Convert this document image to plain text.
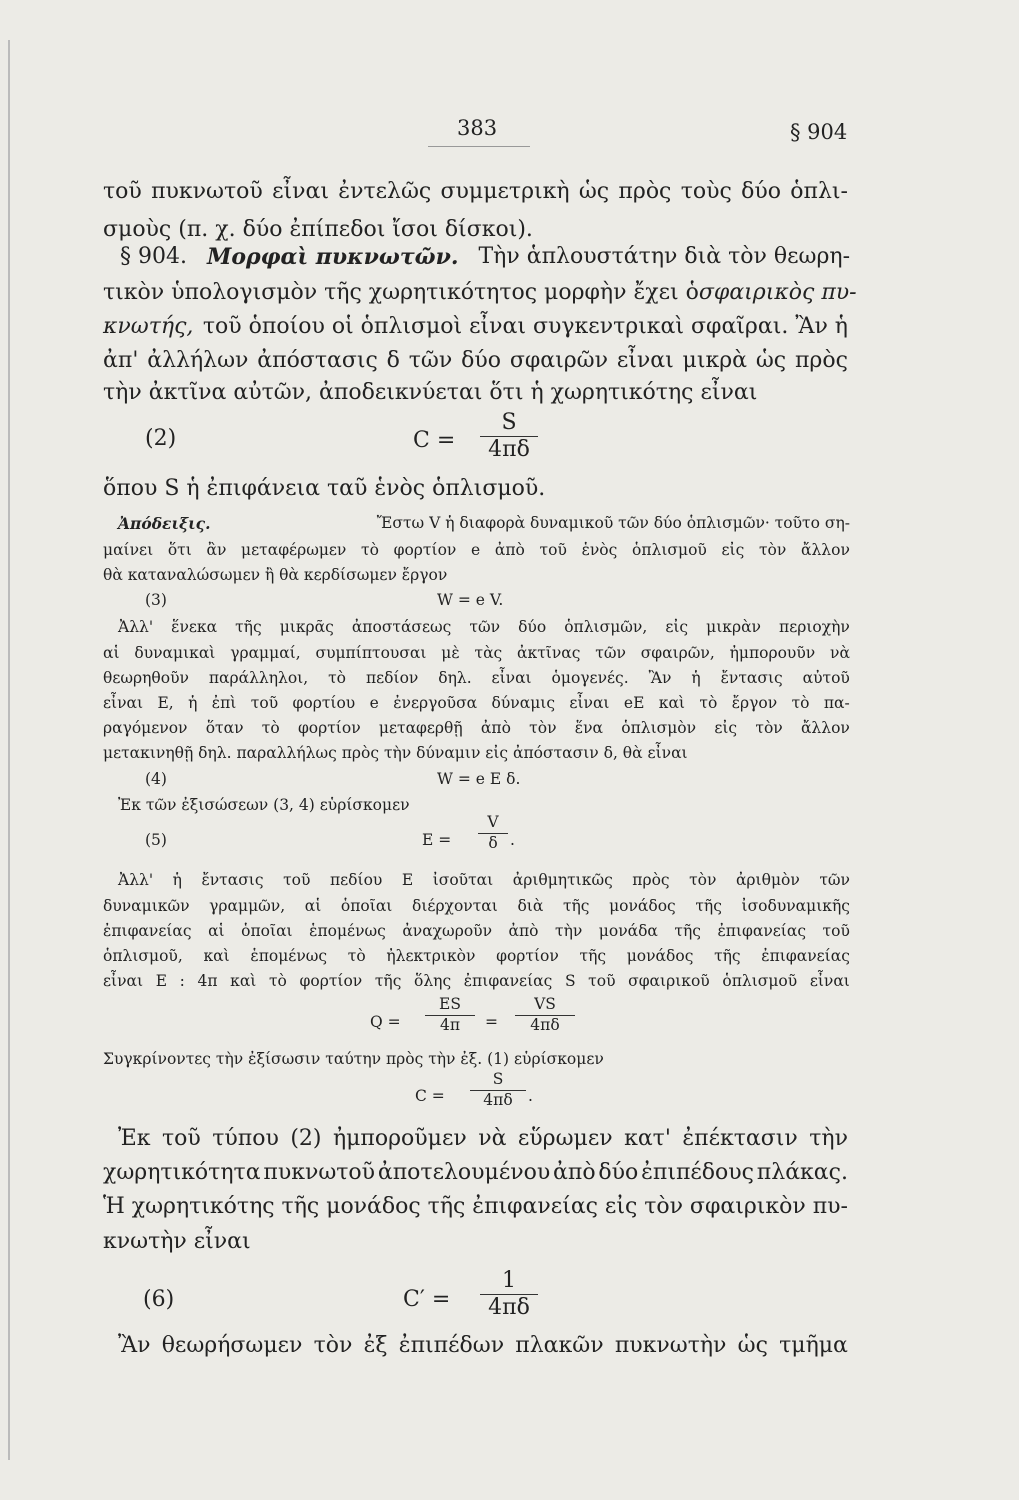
383	§ 904
τοῦ πυκνωτοῦ εἶναι ἐντελῶς συμμετρικὴ ὡς πρὸς τοὺς δύο ὁπλι-
σμοὺς (π. χ. δύο ἐπίπεδοι ἴσοι δίσκοι).
§ 904. Μορφαὶ πυκνωτῶν. Τὴν ἁπλουστάτην διὰ τὸν θεωρη-
τικὸν ὑπολογισμὸν τῆς χωρητικότητος μορφὴν ἔχει ὁ σφαιρικὸς πυ-
κνωτής, τοῦ ὁποίου οἱ ὁπλισμοὶ εἶναι συγκεντρικαὶ σφαῖραι. Ἂν ἡ
ἀπ' ἀλλήλων ἀπόστασις δ τῶν δύο σφαιρῶν εἶναι μικρὰ ὡς πρὸς
τὴν ἀκτῖνα αὐτῶν, ἀποδεικνύεται ὅτι ἡ χωρητικότης εἶναι
(2)	C =
S
4πδ
ὅπου S ἡ ἐπιφάνεια ταῦ ἑνὸς ὁπλισμοῦ.
Ἀπόδειξις.	Ἔστω V ἡ διαφορὰ δυναμικοῦ τῶν δύο ὁπλισμῶν· τοῦτο ση-
μαίνει ὅτι ἂν μεταφέρωμεν τὸ φορτίον e ἀπὸ τοῦ ἑνὸς ὁπλισμοῦ εἰς τὸν ἄλλον
θὰ καταναλώσωμεν ἢ θὰ κερδίσωμεν ἔργον
(3)	W = e V.
Ἀλλ' ἕνεκα τῆς μικρᾶς ἀποστάσεως τῶν δύο ὁπλισμῶν, εἰς μικρὰν περιοχὴν
αἱ δυναμικαὶ γραμμαί, συμπίπτουσαι μὲ τὰς ἀκτῖνας τῶν σφαιρῶν, ἠμπορουῦν νὰ
θεωρηθοῦν παράλληλοι, τὸ πεδίον δηλ. εἶναι ὁμογενές. Ἂν ἡ ἔντασις αὐτοῦ
εἶναι E, ἡ ἐπὶ τοῦ φορτίου e ἐνεργοῦσα δύναμις εἶναι eE καὶ τὸ ἔργον τὸ πα-
ραγόμενον ὅταν τὸ φορτίον μεταφερθῇ ἀπὸ τὸν ἕνα ὁπλισμὸν εἰς τὸν ἄλλον
μετακινηθῇ δηλ. παραλλήλως πρὸς τὴν δύναμιν εἰς ἀπόστασιν δ, θὰ εἶναι
(4)	W = e E δ.
Ἐκ τῶν ἐξισώσεων (3, 4) εὑρίσκομεν
(5)	E =
V
δ .
Ἀλλ' ἡ ἔντασις τοῦ πεδίου E ἰσοῦται ἀριθμητικῶς πρὸς τὸν ἀριθμὸν τῶν
δυναμικῶν γραμμῶν, αἱ ὁποῖαι διέρχονται διὰ τῆς μονάδος τῆς ἰσοδυναμικῆς
ἐπιφανείας αἱ ὁποῖαι ἑπομένως ἀναχωροῦν ἀπὸ τὴν μονάδα τῆς ἐπιφανείας τοῦ
ὁπλισμοῦ, καὶ ἑπομένως τὸ ἠλεκτρικὸν φορτίον τῆς μονάδος τῆς ἐπιφανείας
εἶναι E : 4π καὶ τὸ φορτίον τῆς ὅλης ἐπιφανείας S τοῦ σφαιρικοῦ ὁπλισμοῦ εἶναι
Q =
ES
4π	=
VS
4πδ
Συγκρίνοντες τὴν ἐξίσωσιν ταύτην πρὸς τὴν ἐξ. (1) εὑρίσκομεν
C =
S
4πδ .
Ἐκ τοῦ τύπου (2) ἠμποροῦμεν νὰ εὕρωμεν κατ' ἐπέκτασιν τὴν
χωρητικότητα πυκνωτοῦ ἀποτελουμένου ἀπὸ δύο ἐπιπέδους πλάκας.
Ἡ χωρητικότης τῆς μονάδος τῆς ἐπιφανείας εἰς τὸν σφαιρικὸν πυ-
κνωτὴν εἶναι
(6)	C′ =
1
4πδ
Ἂν θεωρήσωμεν τὸν ἐξ ἐπιπέδων πλακῶν πυκνωτὴν ὡς τμῆμα
